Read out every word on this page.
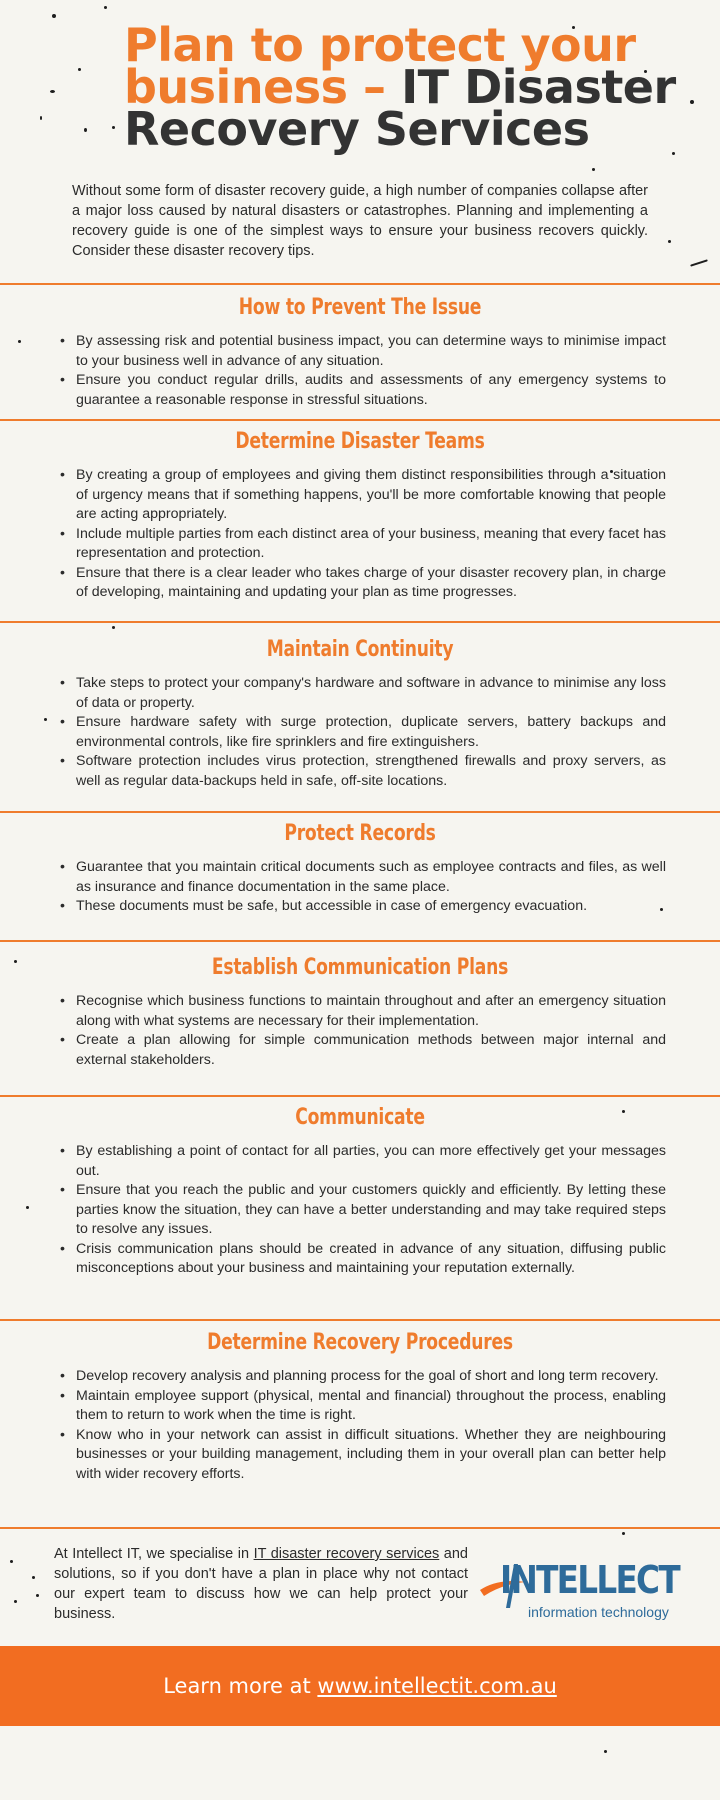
Plan to protect your business – IT Disaster Recovery Services

Without some form of disaster recovery guide, a high number of companies collapse after a major loss caused by natural disasters or catastrophes. Planning and implementing a recovery guide is one of the simplest ways to ensure your business recovers quickly. Consider these disaster recovery tips.

How to Prevent The Issue
• By assessing risk and potential business impact, you can determine ways to minimise impact to your business well in advance of any situation.
• Ensure you conduct regular drills, audits and assessments of any emergency systems to guarantee a reasonable response in stressful situations.
Determine Disaster Teams
• By creating a group of employees and giving them distinct responsibilities through a situation of urgency means that if something happens, you'll be more comfortable knowing that people are acting appropriately.
• Include multiple parties from each distinct area of your business, meaning that every facet has representation and protection.
• Ensure that there is a clear leader who takes charge of your disaster recovery plan, in charge of developing, maintaining and updating your plan as time progresses.
Maintain Continuity
• Take steps to protect your company's hardware and software in advance to minimise any loss of data or property.
• Ensure hardware safety with surge protection, duplicate servers, battery backups and environmental controls, like fire sprinklers and fire extinguishers.
• Software protection includes virus protection, strengthened firewalls and proxy servers, as well as regular data-backups held in safe, off-site locations.
Protect Records
• Guarantee that you maintain critical documents such as employee contracts and files, as well as insurance and finance documentation in the same place.
• These documents must be safe, but accessible in case of emergency evacuation.
Establish Communication Plans
• Recognise which business functions to maintain throughout and after an emergency situation along with what systems are necessary for their implementation.
• Create a plan allowing for simple communication methods between major internal and external stakeholders.
Communicate
• By establishing a point of contact for all parties, you can more effectively get your messages out.
• Ensure that you reach the public and your customers quickly and efficiently. By letting these parties know the situation, they can have a better understanding and may take required steps to resolve any issues.
• Crisis communication plans should be created in advance of any situation, diffusing public misconceptions about your business and maintaining your reputation externally.
Determine Recovery Procedures
• Develop recovery analysis and planning process for the goal of short and long term recovery.
• Maintain employee support (physical, mental and financial) throughout the process, enabling them to return to work when the time is right.
• Know who in your network can assist in difficult situations. Whether they are neighbouring businesses or your building management, including them in your overall plan can better help with wider recovery efforts.

At Intellect IT, we specialise in IT disaster recovery services and solutions, so if you don't have a plan in place why not contact our expert team to discuss how we can help protect your business.

INTELLECT
information technology
Learn more at www.intellectit.com.au
